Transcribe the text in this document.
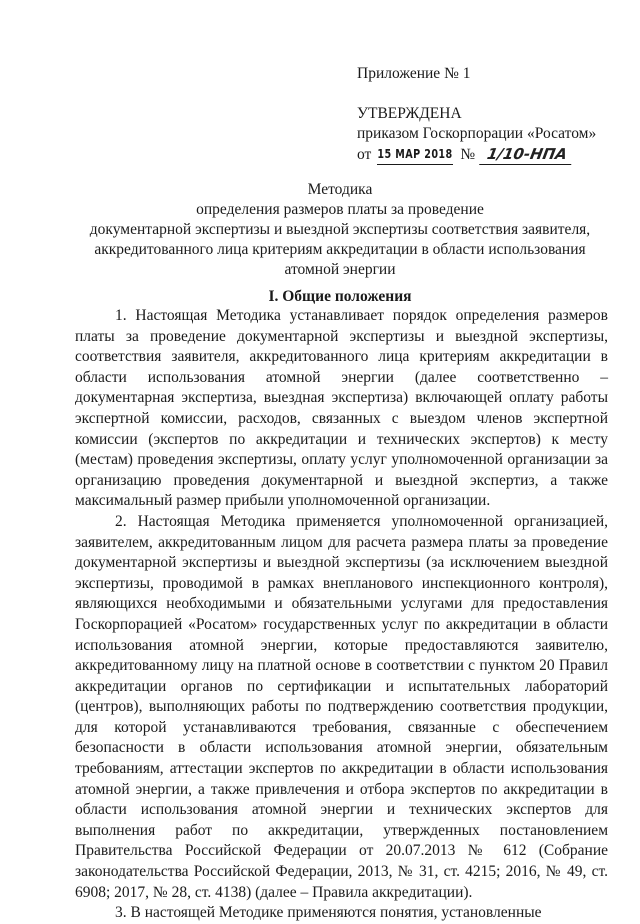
Приложение № 1
УТВЕРЖДЕНА
приказом Госкорпорации «Росатом»
от 15 МАР 2018 № 1/10-НПА
Методика
определения размеров платы за проведение
документарной экспертизы и выездной экспертизы соответствия заявителя,
аккредитованного лица критериям аккредитации в области использования
атомной энергии
I. Общие положения

1. Настоящая Методика устанавливает порядок определения размеров платы за проведение документарной экспертизы и выездной экспертизы, соответствия заявителя, аккредитованного лица критериям аккредитации в области использования атомной энергии (далее соответственно – документарная экспертиза, выездная экспертиза) включающей оплату работы экспертной комиссии, расходов, связанных с выездом членов экспертной комиссии (экспертов по аккредитации и технических экспертов) к месту (местам) проведения экспертизы, оплату услуг уполномоченной организации за организацию проведения документарной и выездной экспертиз, а также максимальный размер прибыли уполномоченной организации.

2. Настоящая Методика применяется уполномоченной организацией, заявителем, аккредитованным лицом для расчета размера платы за проведение документарной экспертизы и выездной экспертизы (за исключением выездной экспертизы, проводимой в рамках внепланового инспекционного контроля), являющихся необходимыми и обязательными услугами для предоставления Госкорпорацией «Росатом» государственных услуг по аккредитации в области использования атомной энергии, которые предоставляются заявителю, аккредитованному лицу на платной основе в соответствии с пунктом 20 Правил аккредитации органов по сертификации и испытательных лабораторий (центров), выполняющих работы по подтверждению соответствия продукции, для которой устанавливаются требования, связанные с обеспечением безопасности в области использования атомной энергии, обязательным требованиям, аттестации экспертов по аккредитации в области использования атомной энергии, а также привлечения и отбора экспертов по аккредитации в области использования атомной энергии и технических экспертов для выполнения работ по аккредитации, утвержденных постановлением Правительства Российской Федерации от 20.07.2013 № 612 (Собрание законодательства Российской Федерации, 2013, № 31, ст. 4215; 2016, № 49, ст. 6908; 2017, № 28, ст. 4138) (далее – Правила аккредитации).

3. В настоящей Методике применяются понятия, установленные
